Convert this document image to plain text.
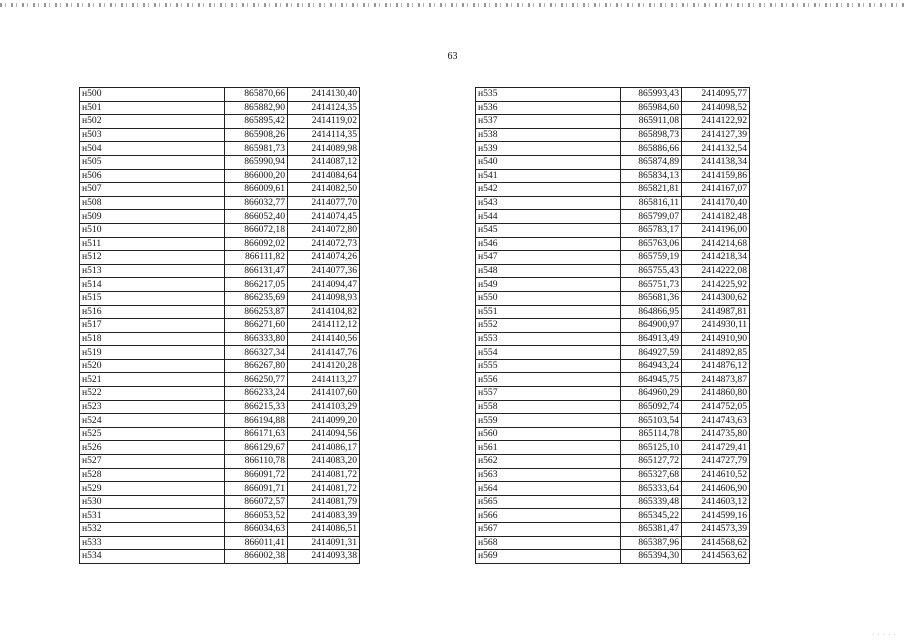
63
н500	865870,66	2414130,40
н501	865882,90	2414124,35
н502	865895,42	2414119,02
н503	865908,26	2414114,35
н504	865981,73	2414089,98
н505	865990,94	2414087,12
н506	866000,20	2414084,64
н507	866009,61	2414082,50
н508	866032,77	2414077,70
н509	866052,40	2414074,45
н510	866072,18	2414072,80
н511	866092,02	2414072,73
н512	866111,82	2414074,26
н513	866131,47	2414077,36
н514	866217,05	2414094,47
н515	866235,69	2414098,93
н516	866253,87	2414104,82
н517	866271,60	2414112,12
н518	866333,80	2414140,56
н519	866327,34	2414147,76
н520	866267,80	2414120,28
н521	866250,77	2414113,27
н522	866233,24	2414107,60
н523	866215,33	2414103,29
н524	866194,88	2414099,20
н525	866171,63	2414094,56
н526	866129,67	2414086,17
н527	866110,78	2414083,20
н528	866091,72	2414081,72
н529	866091,71	2414081,72
н530	866072,57	2414081,79
н531	866053,52	2414083,39
н532	866034,63	2414086,51
н533	866011,41	2414091,31
н534	866002,38	2414093,38
н535	865993,43	2414095,77
н536	865984,60	2414098,52
н537	865911,08	2414122,92
н538	865898,73	2414127,39
н539	865886,66	2414132,54
н540	865874,89	2414138,34
н541	865834,13	2414159,86
н542	865821,81	2414167,07
н543	865816,11	2414170,40
н544	865799,07	2414182,48
н545	865783,17	2414196,00
н546	865763,06	2414214,68
н547	865759,19	2414218,34
н548	865755,43	2414222,08
н549	865751,73	2414225,92
н550	865681,36	2414300,62
н551	864866,95	2414987,81
н552	864900,97	2414930,11
н553	864913,49	2414910,90
н554	864927,59	2414892,85
н555	864943,24	2414876,12
н556	864945,75	2414873,87
н557	864960,29	2414860,80
н558	865092,74	2414752,05
н559	865103,54	2414743,63
н560	865114,78	2414735,80
н561	865125,10	2414729,41
н562	865127,72	2414727,79
н563	865327,68	2414610,52
н564	865333,64	2414606,90
н565	865339,48	2414603,12
н566	865345,22	2414599,16
н567	865381,47	2414573,39
н568	865387,96	2414568,62
н569	865394,30	2414563,62
· · · · ·
